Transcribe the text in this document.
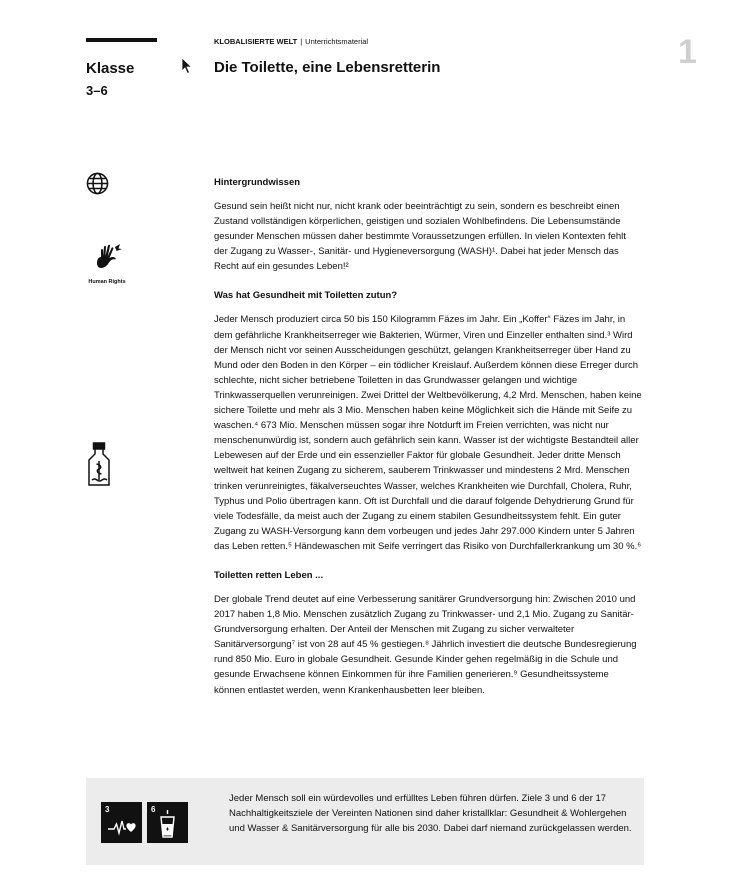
Klasse
3–6
KLOBALISIERTE WELT | Unterrichtsmaterial
Die Toilette, eine Lebensretterin	1
Human Rights
Hintergrundwissen

Gesund sein heißt nicht nur, nicht krank oder beeinträchtigt zu sein, sondern es beschreibt einen Zustand vollständigen körperlichen, geistigen und sozialen Wohlbefindens. Die Lebensumstände gesunder Menschen müssen daher bestimmte Voraussetzungen erfüllen. In vielen Kontexten fehlt der Zugang zu Wasser-, Sanitär- und Hygieneversorgung (WASH)¹. Dabei hat jeder Mensch das Recht auf ein gesundes Leben!²

Was hat Gesundheit mit Toiletten zutun?

Jeder Mensch produziert circa 50 bis 150 Kilogramm Fäzes im Jahr. Ein „Koffer“ Fäzes im Jahr, in dem gefährliche Krankheitserreger wie Bakterien, Würmer, Viren und Einzeller enthalten sind.³ Wird der Mensch nicht vor seinen Ausscheidungen geschützt, gelangen Krankheitserreger über Hand zu Mund oder den Boden in den Körper – ein tödlicher Kreislauf. Außerdem können diese Erreger durch schlechte, nicht sicher betriebene Toiletten in das Grundwasser gelangen und wichtige Trinkwasserquellen verunreinigen. Zwei Drittel der Weltbevölkerung, 4,2 Mrd. Menschen, haben keine sichere Toilette und mehr als 3 Mio. Menschen haben keine Möglichkeit sich die Hände mit Seife zu waschen.⁴ 673 Mio. Menschen müssen sogar ihre Notdurft im Freien verrichten, was nicht nur menschenunwürdig ist, sondern auch gefährlich sein kann. Wasser ist der wichtigste Bestandteil aller Lebewesen auf der Erde und ein essenzieller Faktor für globale Gesundheit. Jeder dritte Mensch weltweit hat keinen Zugang zu sicherem, sauberem Trinkwasser und mindestens 2 Mrd. Menschen trinken verunreinigtes, fäkalverseuchtes Wasser, welches Krankheiten wie Durchfall, Cholera, Ruhr, Typhus und Polio übertragen kann. Oft ist Durchfall und die darauf folgende Dehydrierung Grund für viele Todesfälle, da meist auch der Zugang zu einem stabilen Gesundheitssystem fehlt. Ein guter Zugang zu WASH-Versorgung kann dem vorbeugen und jedes Jahr 297.000 Kindern unter 5 Jahren das Leben retten.⁵ Händewaschen mit Seife verringert das Risiko von Durchfallerkrankung um 30 %.⁶

Toiletten retten Leben ...

Der globale Trend deutet auf eine Verbesserung sanitärer Grundversorgung hin: Zwischen 2010 und 2017 haben 1,8 Mio. Menschen zusätzlich Zugang zu Trinkwasser- und 2,1 Mio. Zugang zu Sanitär-Grundversorgung erhalten. Der Anteil der Menschen mit Zugang zu sicher verwalteter Sanitärversorgung⁷ ist von 28 auf 45 % gestiegen.⁸ Jährlich investiert die deutsche Bundesregierung rund 850 Mio. Euro in globale Gesundheit. Gesunde Kinder gehen regelmäßig in die Schule und gesunde Erwachsene können Einkommen für ihre Familien generieren.⁹ Gesundheitssysteme können entlastet werden, wenn Krankenhausbetten leer bleiben.

3	6

Jeder Mensch soll ein würdevolles und erfülltes Leben führen dürfen. Ziele 3 und 6 der 17 Nachhaltigkeitsziele der Vereinten Nationen sind daher kristallklar: Gesundheit & Wohlergehen und Wasser & Sanitärversorgung für alle bis 2030. Dabei darf niemand zurückgelassen werden.
